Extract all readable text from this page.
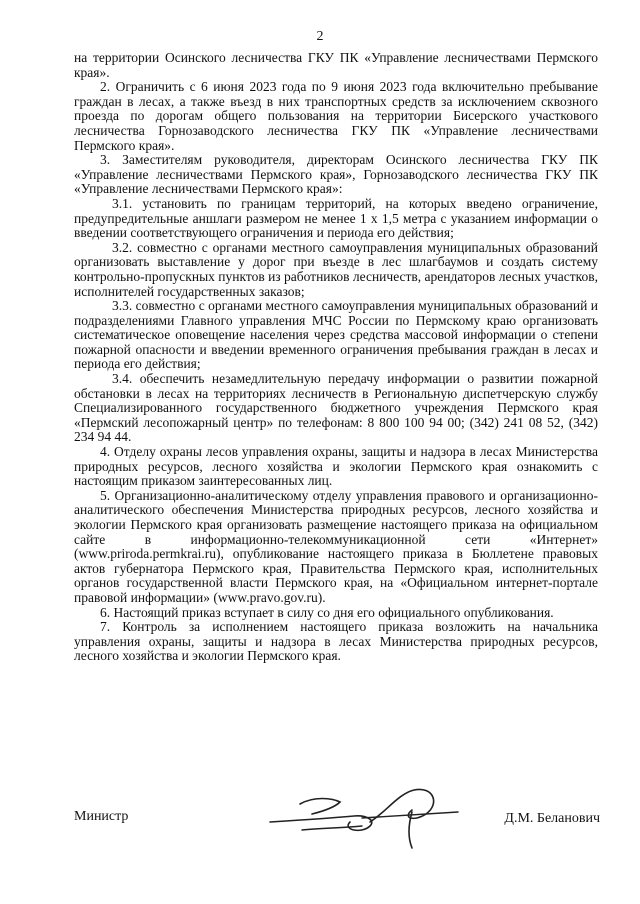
2

на территории Осинского лесничества ГКУ ПК «Управление лесничествами Пермского края».

2. Ограничить с 6 июня 2023 года по 9 июня 2023 года включительно пребывание граждан в лесах, а также въезд в них транспортных средств за исключением сквозного проезда по дорогам общего пользования на территории Бисерского участкового лесничества Горнозаводского лесничества ГКУ ПК «Управление лесничествами Пермского края».

3. Заместителям руководителя, директорам Осинского лесничества ГКУ ПК «Управление лесничествами Пермского края», Горнозаводского лесничества ГКУ ПК «Управление лесничествами Пермского края»:

3.1. установить по границам территорий, на которых введено ограничение, предупредительные аншлаги размером не менее 1 х 1,5 метра с указанием информации о введении соответствующего ограничения и периода его действия;

3.2. совместно с органами местного самоуправления муниципальных образований организовать выставление у дорог при въезде в лес шлагбаумов и создать систему контрольно-пропускных пунктов из работников лесничеств, арендаторов лесных участков, исполнителей государственных заказов;

3.3. совместно с органами местного самоуправления муниципальных образований и подразделениями Главного управления МЧС России по Пермскому краю организовать систематическое оповещение населения через средства массовой информации о степени пожарной опасности и введении временного ограничения пребывания граждан в лесах и периода его действия;

3.4. обеспечить незамедлительную передачу информации о развитии пожарной обстановки в лесах на территориях лесничеств в Региональную диспетчерскую службу Специализированного государственного бюджетного учреждения Пермского края «Пермский лесопожарный центр» по телефонам: 8 800 100 94 00; (342) 241 08 52, (342) 234 94 44.

4. Отделу охраны лесов управления охраны, защиты и надзора в лесах Министерства природных ресурсов, лесного хозяйства и экологии Пермского края ознакомить с настоящим приказом заинтересованных лиц.

5. Организационно-аналитическому отделу управления правового и организационно-аналитического обеспечения Министерства природных ресурсов, лесного хозяйства и экологии Пермского края организовать размещение настоящего приказа на официальном сайте в информационно-телекоммуникационной сети «Интернет» (www.priroda.permkrai.ru), опубликование настоящего приказа в Бюллетене правовых актов губернатора Пермского края, Правительства Пермского края, исполнительных органов государственной власти Пермского края, на «Официальном интернет-портале правовой информации» (www.pravo.gov.ru).

6. Настоящий приказ вступает в силу со дня его официального опубликования.

7. Контроль за исполнением настоящего приказа возложить на начальника управления охраны, защиты и надзора в лесах Министерства природных ресурсов, лесного хозяйства и экологии Пермского края.

Министр	Д.М. Беланович
